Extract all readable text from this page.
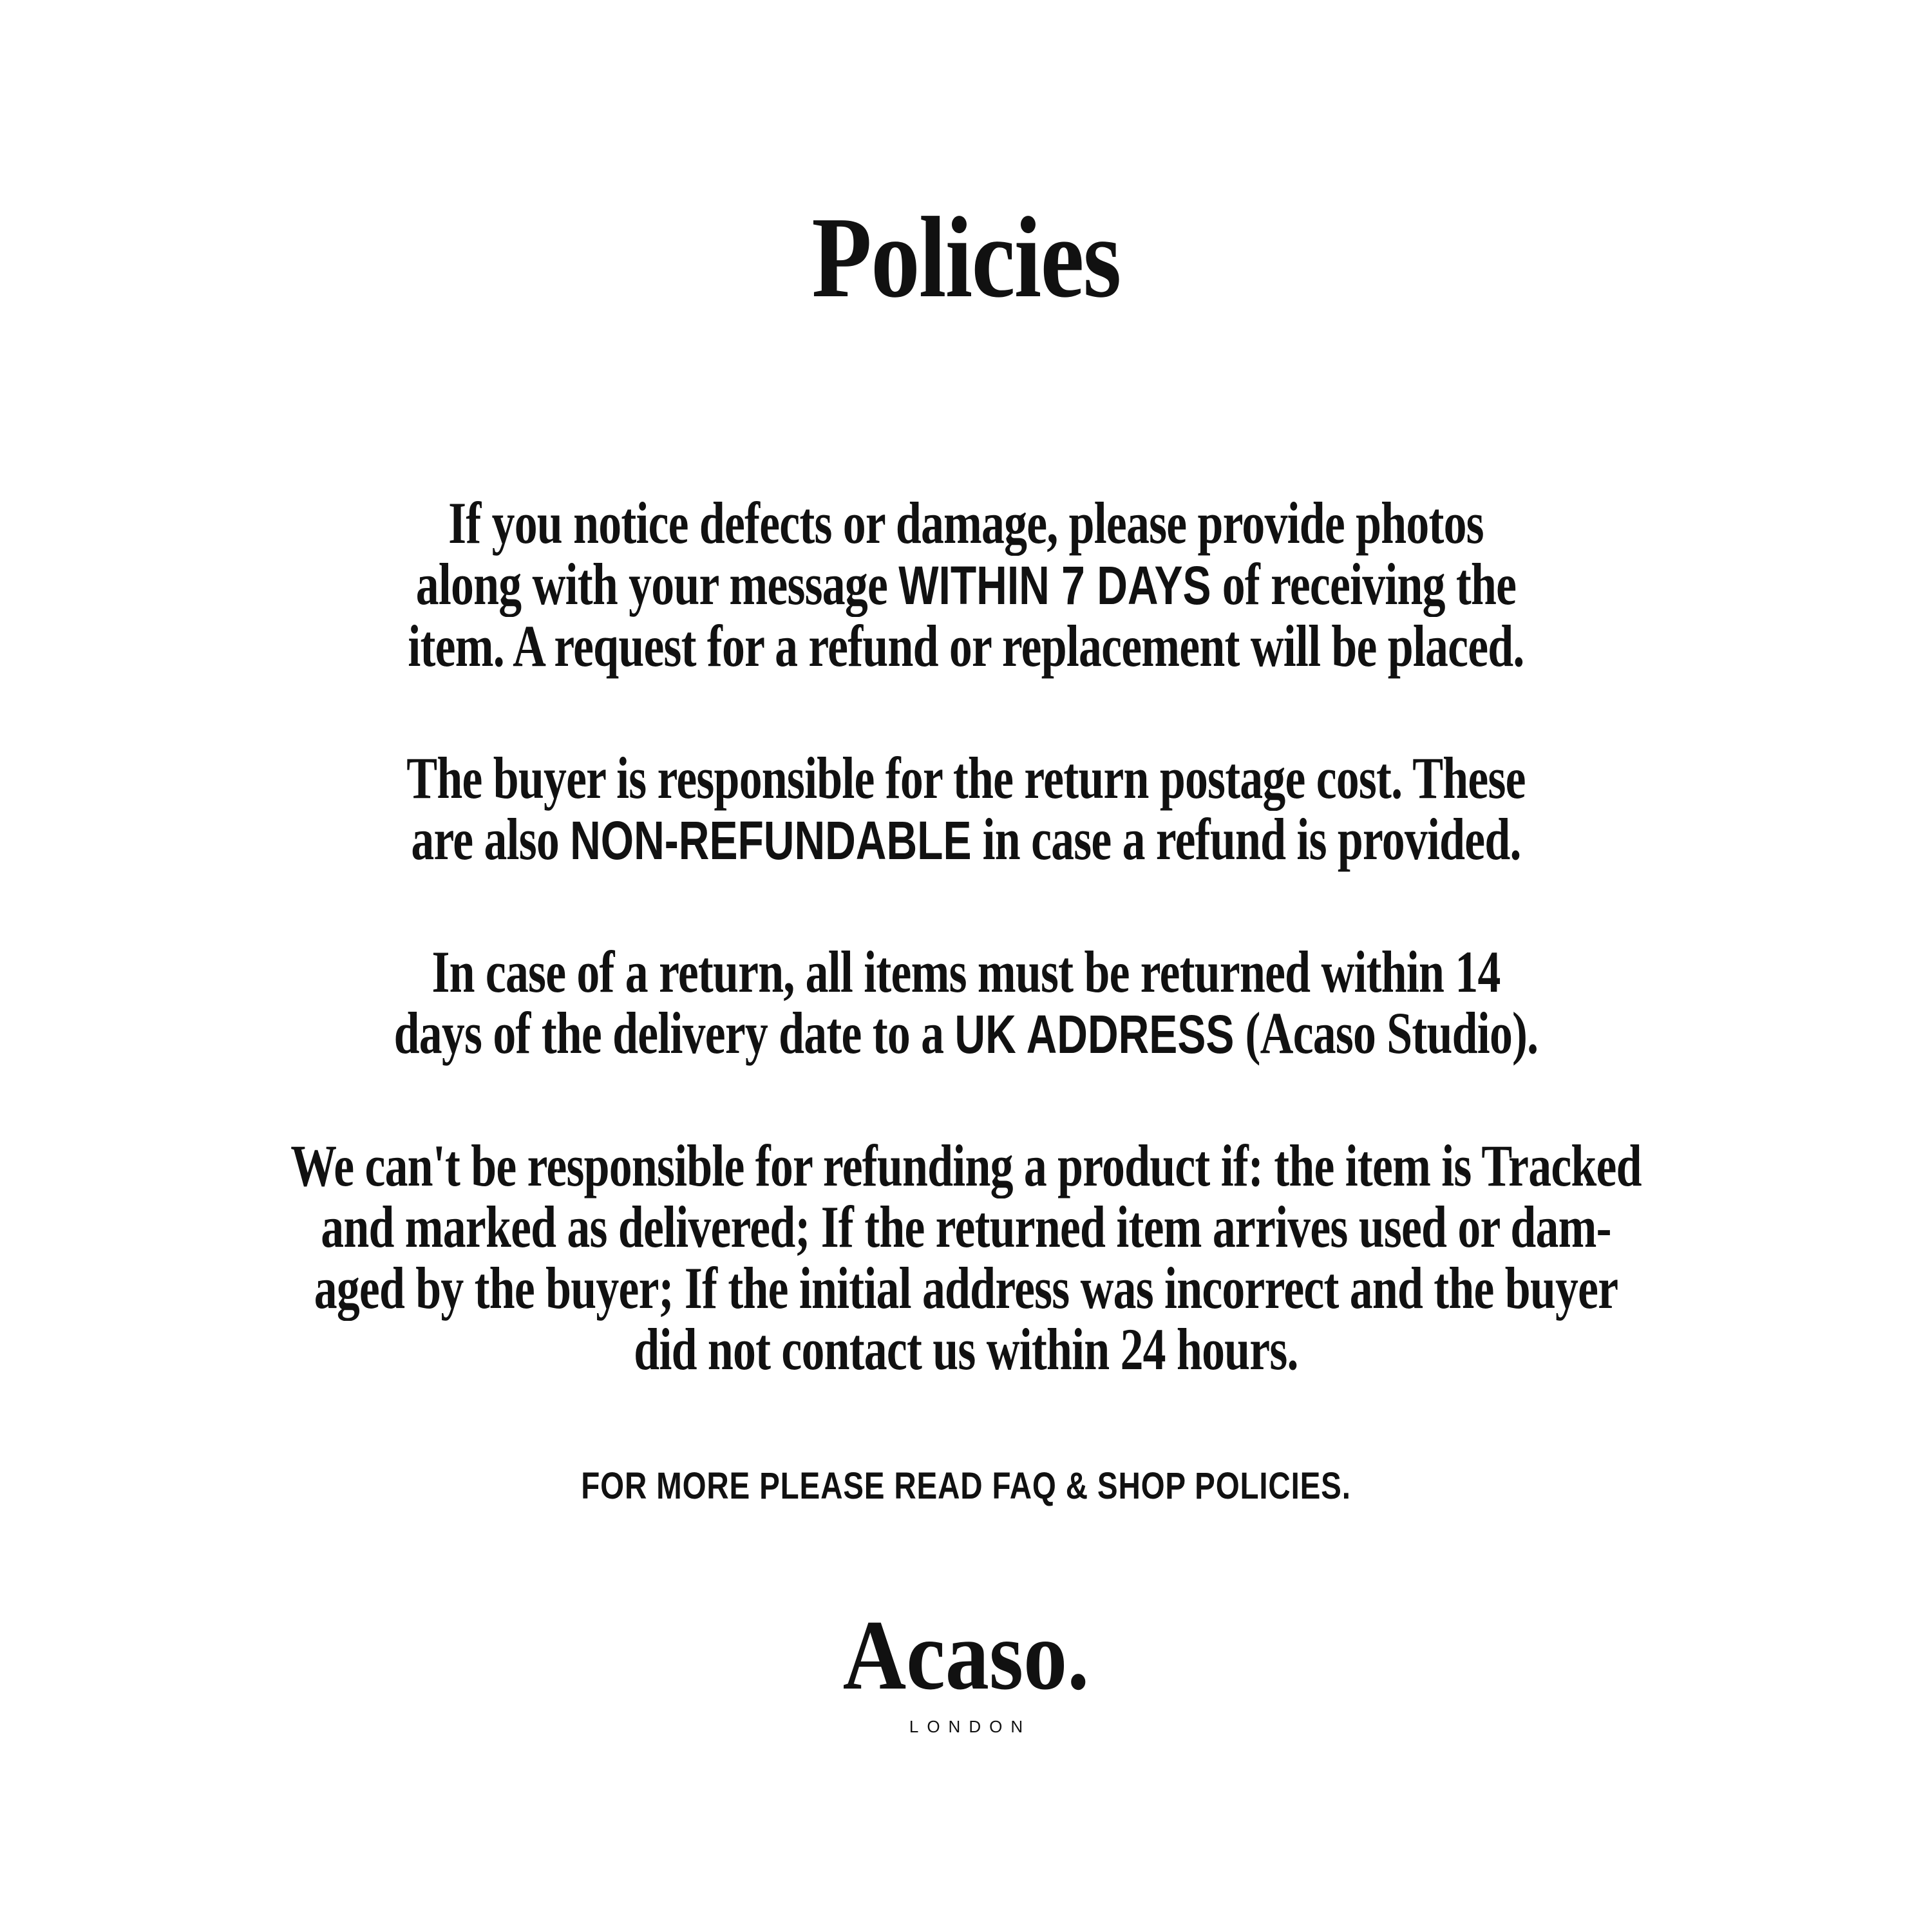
Policies

If you notice defects or damage, please provide photos
along with your message WITHIN 7 DAYS of receiving the
item. A request for a refund or replacement will be placed.

The buyer is responsible for the return postage cost. These
are also NON-REFUNDABLE in case a refund is provided.

In case of a return, all items must be returned within 14
days of the delivery date to a UK ADDRESS (Acaso Studio).

We can't be responsible for refunding a product if: the item is Tracked
and marked as delivered; If the returned item arrives used or dam-
aged by the buyer; If the initial address was incorrect and the buyer
did not contact us within 24 hours.

FOR MORE PLEASE READ FAQ & SHOP POLICIES.
Acaso.
LONDON
